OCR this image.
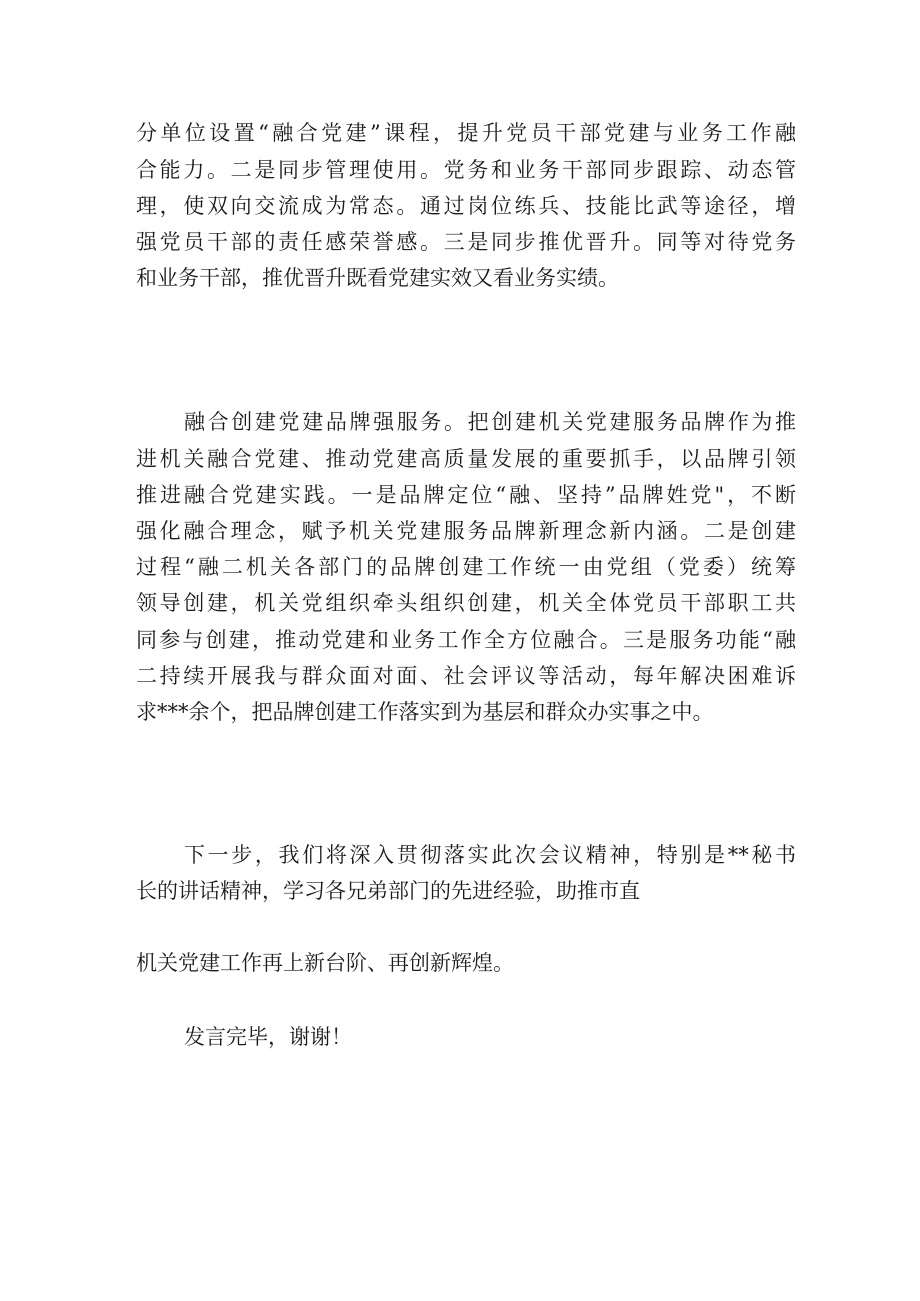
分单位设置“融合党建”课程，提升党员干部党建与业务工作融
合能力。二是同步管理使用。党务和业务干部同步跟踪、动态管
理，使双向交流成为常态。通过岗位练兵、技能比武等途径，增
强党员干部的责任感荣誉感。三是同步推优晋升。同等对待党务
和业务干部，推优晋升既看党建实效又看业务实绩。
融合创建党建品牌强服务。把创建机关党建服务品牌作为推
进机关融合党建、推动党建高质量发展的重要抓手，以品牌引领
推进融合党建实践。一是品牌定位“融、坚持”品牌姓党"，不断
强化融合理念，赋予机关党建服务品牌新理念新内涵。二是创建
过程“融二机关各部门的品牌创建工作统一由党组（党委）统筹
领导创建，机关党组织牵头组织创建，机关全体党员干部职工共
同参与创建，推动党建和业务工作全方位融合。三是服务功能“融
二持续开展我与群众面对面、社会评议等活动，每年解决困难诉
求***余个，把品牌创建工作落实到为基层和群众办实事之中。
下一步，我们将深入贯彻落实此次会议精神，特别是**秘书
长的讲话精神，学习各兄弟部门的先进经验，助推市直
机关党建工作再上新台阶、再创新辉煌。
发言完毕，谢谢！
